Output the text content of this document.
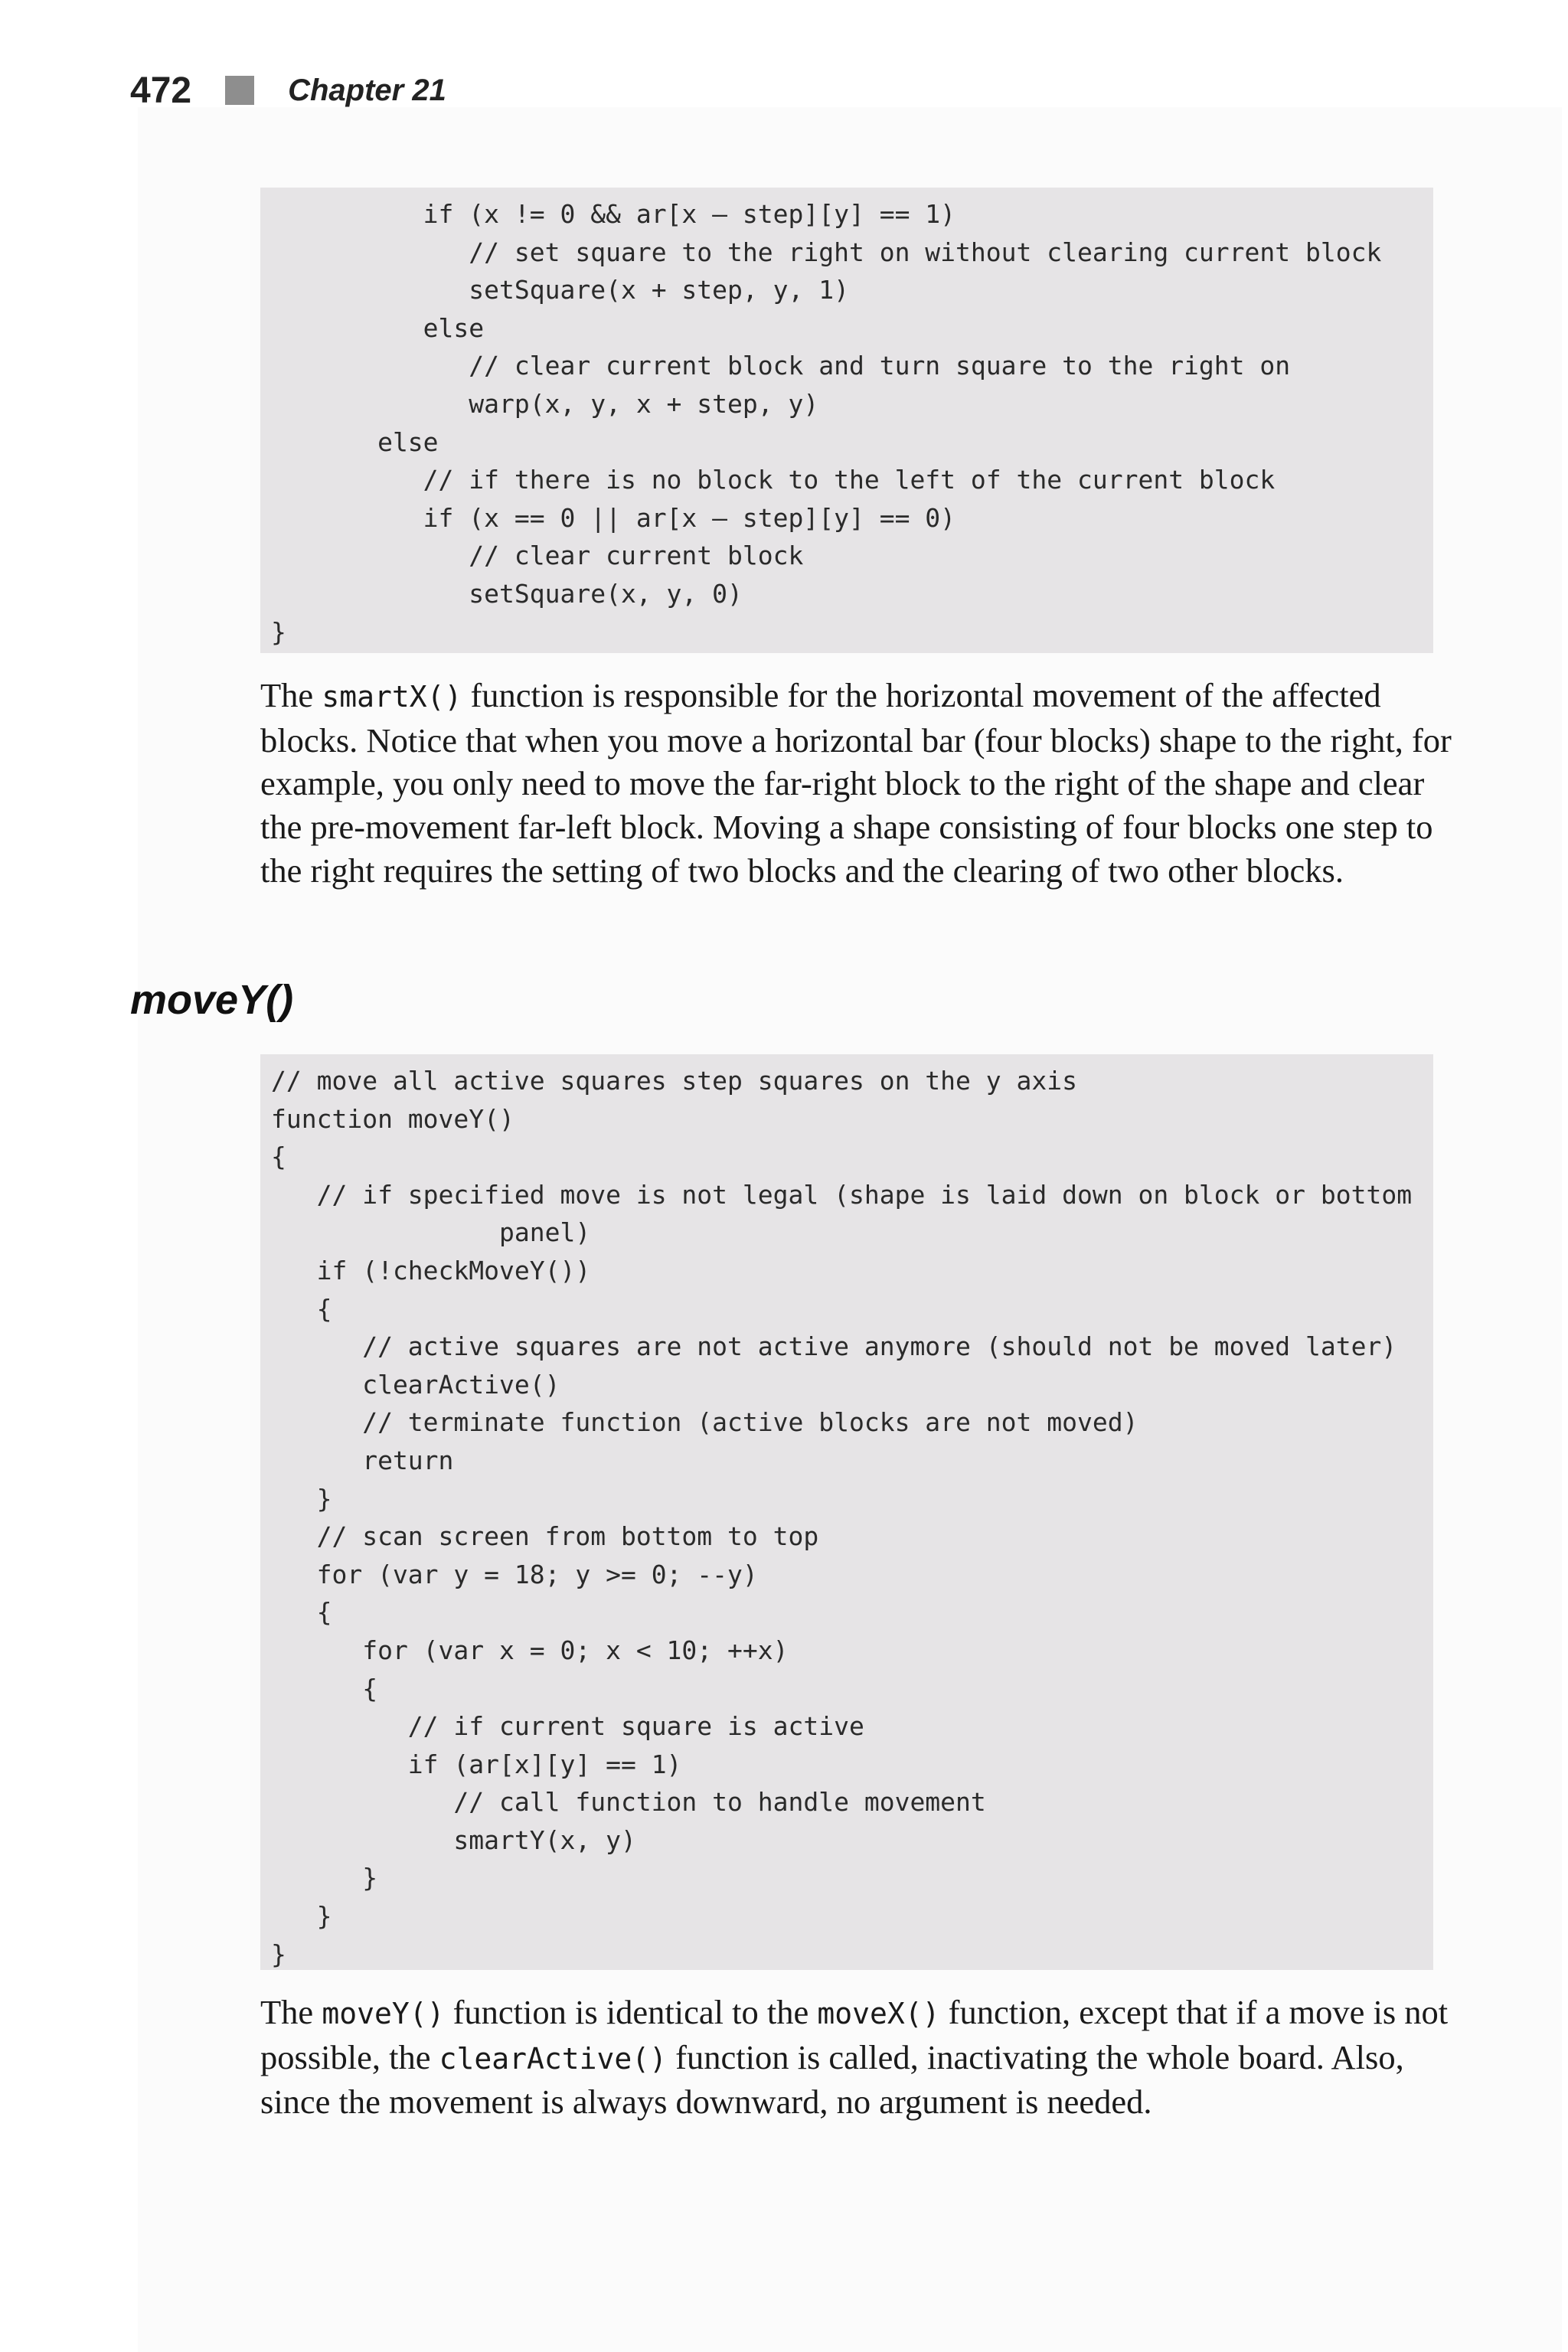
472	Chapter 21
if (x != 0 && ar[x – step][y] == 1)
// set square to the right on without clearing current block
setSquare(x + step, y, 1)
else
// clear current block and turn square to the right on
warp(x, y, x + step, y)
else
// if there is no block to the left of the current block
if (x == 0 || ar[x – step][y] == 0)
// clear current block
setSquare(x, y, 0)
}

The smartX() function is responsible for the horizontal movement of the affected blocks. Notice that when you move a horizontal bar (four blocks) shape to the right, for example, you only need to move the far-right block to the right of the shape and clear the pre-movement far-left block. Moving a shape consisting of four blocks one step to the right requires the setting of two blocks and the clearing of two other blocks.

moveY()
// move all active squares step squares on the y axis
function moveY()
{
// if specified move is not legal (shape is laid down on block or bottom
panel)
if (!checkMoveY())
{
// active squares are not active anymore (should not be moved later)
clearActive()
// terminate function (active blocks are not moved)
return
}
// scan screen from bottom to top
for (var y = 18; y >= 0; --y)
{
for (var x = 0; x < 10; ++x)
{
// if current square is active
if (ar[x][y] == 1)
// call function to handle movement
smartY(x, y)
}
}
}

The moveY() function is identical to the moveX() function, except that if a move is not possible, the clearActive() function is called, inactivating the whole board. Also, since the movement is always downward, no argument is needed.
